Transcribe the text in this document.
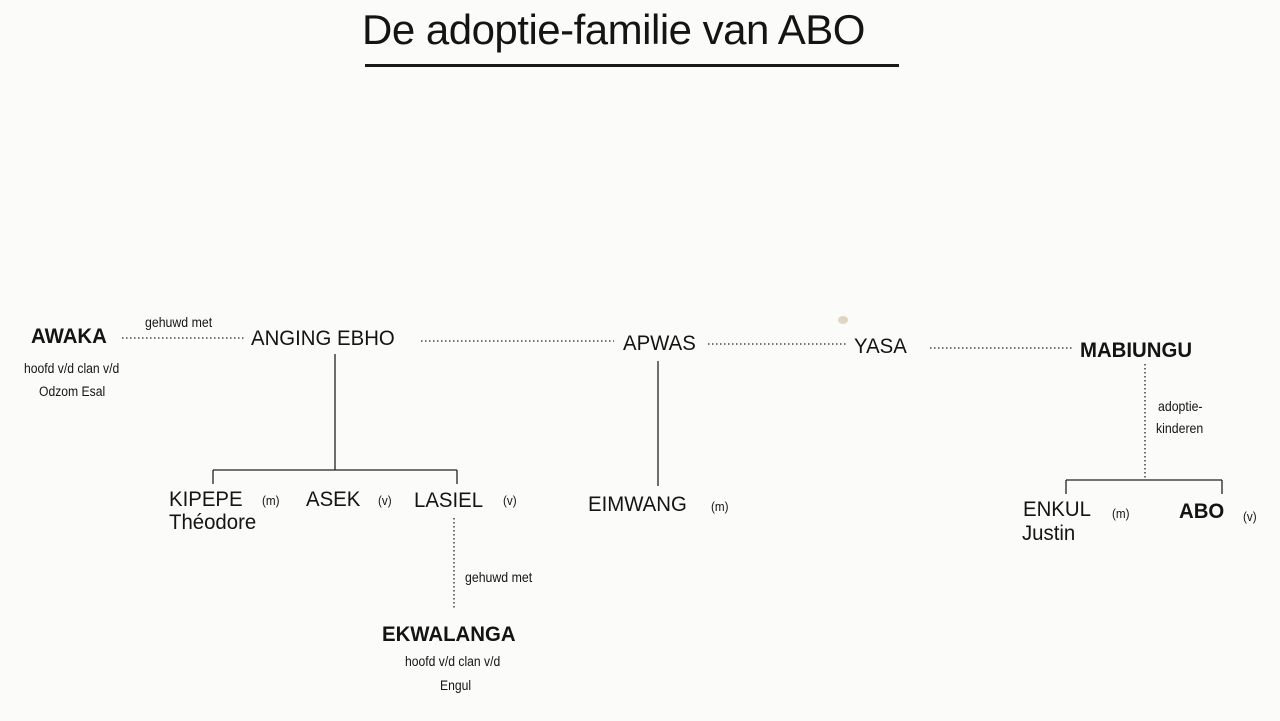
De adoptie-familie van ABO
AWAKA
hoofd v/d clan v/d
Odzom Esal
gehuwd met
ANGING EBHO	APWAS	YASA	MABIUNGU
KIPEPE (m)
Théodore
ASEK (v) LASIEL (v)
gehuwd met
EKWALANGA
hoofd v/d clan v/d
Engul
EIMWANG (m)
adoptie-
kinderen
ENKUL (m)
Justin
ABO (v)
